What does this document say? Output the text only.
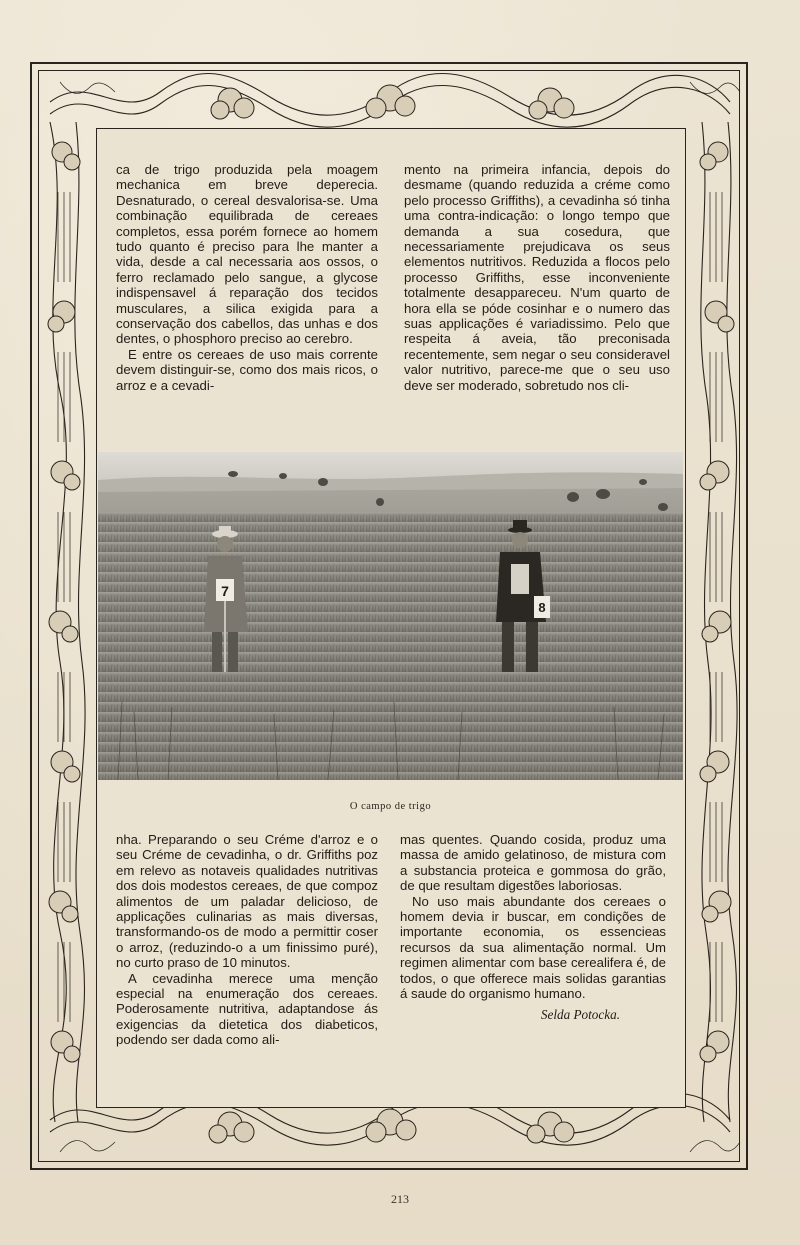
ca de trigo produzida pela moagem mechanica em breve deperecia. Desnaturado, o cereal desvalorisa-se. Uma combinação equilibrada de cereaes completos, essa porém fornece ao homem tudo quanto é preciso para lhe manter a vida, desde a cal necessaria aos ossos, o ferro reclamado pelo sangue, a glycose indispensavel á reparação dos tecidos musculares, a silica exigida para a conservação dos cabellos, das unhas e dos dentes, o phosphoro preciso ao cerebro.

E entre os cereaes de uso mais corrente devem distinguir-se, como dos mais ricos, o arroz e a cevadi-

mento na primeira infancia, depois do desmame (quando reduzida a créme como pelo processo Griffiths), a cevadinha só tinha uma contra-indicação: o longo tempo que demanda a sua cosedura, que necessariamente prejudicava os seus elementos nutritivos. Reduzida a flocos pelo processo Griffiths, esse inconveniente totalmente desappareceu. N'um quarto de hora ella se póde cosinhar e o numero das suas applicações é variadissimo. Pelo que respeita á aveia, tão preconisada recentemente, sem negar o seu consideravel valor nutritivo, parece-me que o seu uso deve ser moderado, sobretudo nos cli-

7
8
O campo de trigo

nha. Preparando o seu Créme d'arroz e o seu Créme de cevadinha, o dr. Griffiths poz em relevo as notaveis qualidades nutritivas dos dois modestos cereaes, de que compoz alimentos de um paladar delicioso, de applicações culinarias as mais diversas, transformando-os de modo a permittir coser o arroz, (reduzindo-o a um finissimo puré), no curto praso de 10 minutos.

A cevadinha merece uma menção especial na enumeração dos cereaes. Poderosamente nutritiva, adaptandose ás exigencias da dietetica dos diabeticos, podendo ser dada como ali-

mas quentes. Quando cosida, produz uma massa de amido gelatinoso, de mistura com a substancia proteica e gommosa do grão, de que resultam digestões laboriosas.

No uso mais abundante dos cereaes o homem devia ir buscar, em condições de importante economia, os essencieas recursos da sua alimentação normal. Um regimen alimentar com base cerealifera é, de todos, o que offerece mais solidas garantias á saude do organismo humano.

Selda Potocka.

213
